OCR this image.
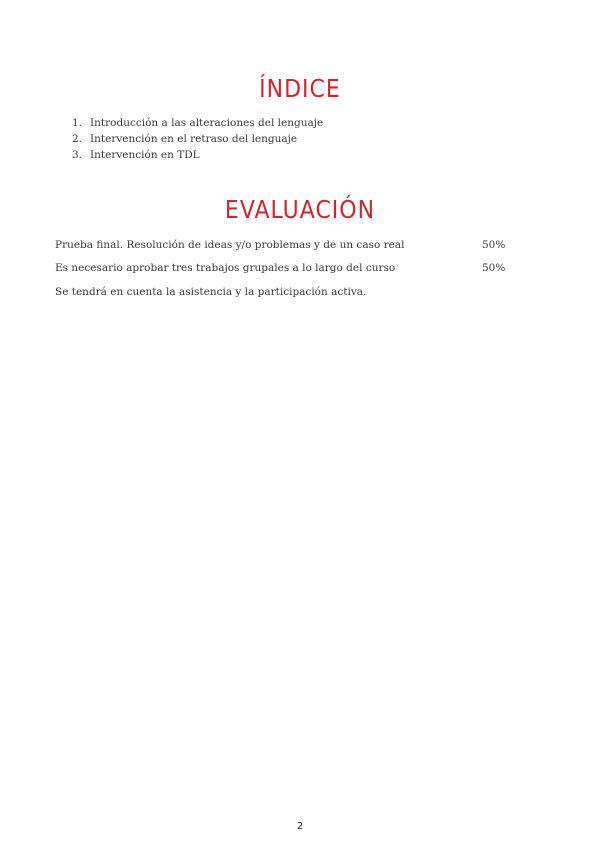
ÍNDICE
1. Introducción a las alteraciones del lenguaje
2. Intervención en el retraso del lenguaje
3. Intervención en TDL
EVALUACIÓN
Prueba final. Resolución de ideas y/o problemas y de un caso real	50%
Es necesario aprobar tres trabajos grupales a lo largo del curso	50%
Se tendrá en cuenta la asistencia y la participación activa.
2
